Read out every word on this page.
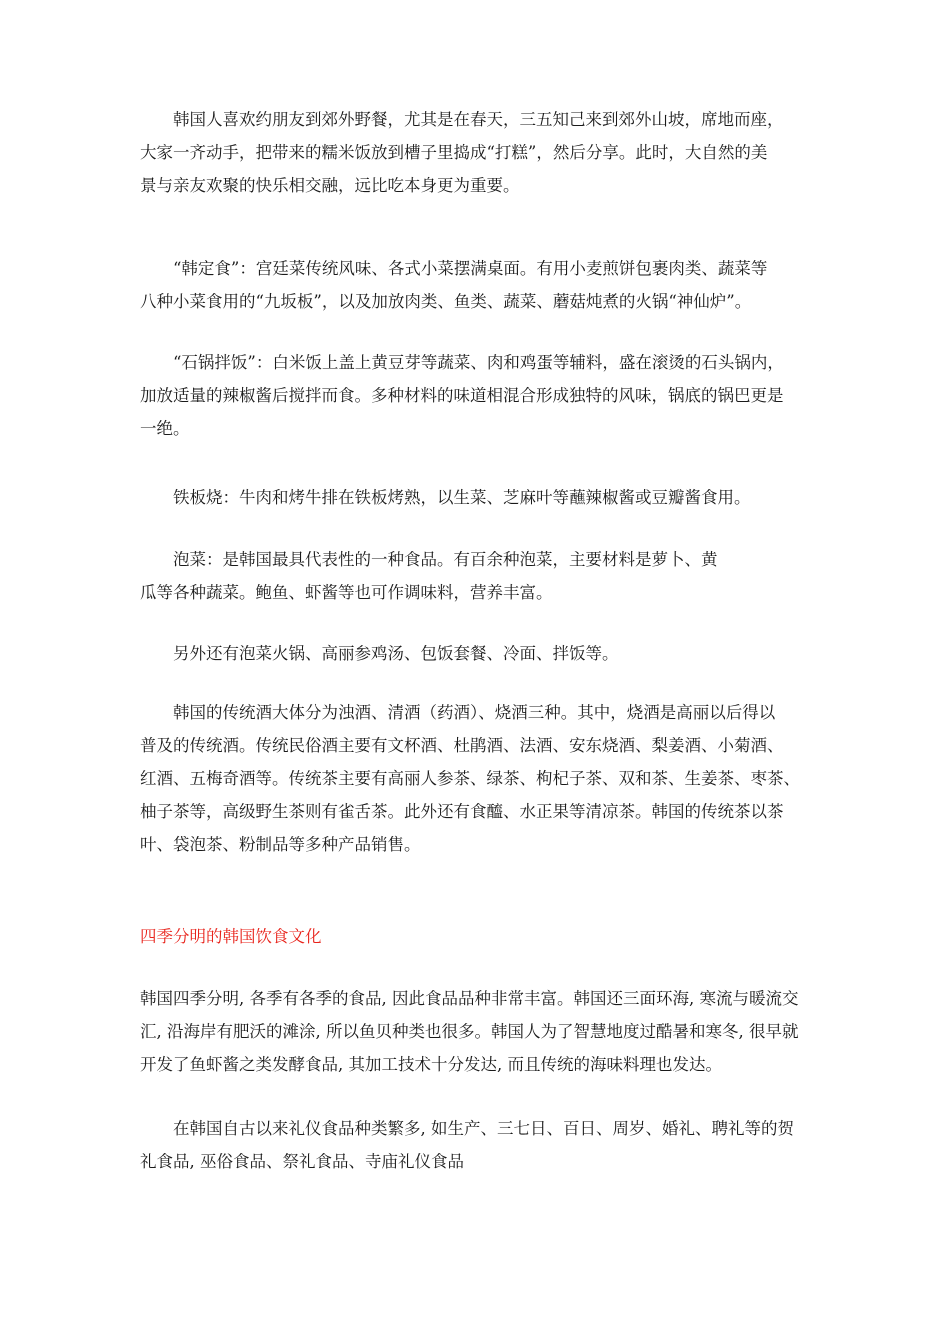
韩国人喜欢约朋友到郊外野餐，尤其是在春天，三五知己来到郊外山坡，席地而座，
大家一齐动手，把带来的糯米饭放到槽子里捣成“打糕”，然后分享。此时，大自然的美
景与亲友欢聚的快乐相交融，远比吃本身更为重要。

“韩定食”：宫廷菜传统风味、各式小菜摆满桌面。有用小麦煎饼包裹肉类、蔬菜等
八种小菜食用的“九坂板”，以及加放肉类、鱼类、蔬菜、蘑菇炖煮的火锅“神仙炉”。

“石锅拌饭”：白米饭上盖上黄豆芽等蔬菜、肉和鸡蛋等辅料，盛在滚烫的石头锅内，
加放适量的辣椒酱后搅拌而食。多种材料的味道相混合形成独特的风味，锅底的锅巴更是
一绝。

铁板烧：牛肉和烤牛排在铁板烤熟，以生菜、芝麻叶等蘸辣椒酱或豆瓣酱食用。

泡菜：是韩国最具代表性的一种食品。有百余种泡菜，主要材料是萝卜、黄
瓜等各种蔬菜。鲍鱼、虾酱等也可作调味料，营养丰富。

另外还有泡菜火锅、高丽参鸡汤、包饭套餐、冷面、拌饭等。

韩国的传统酒大体分为浊酒、清酒（药酒）、烧酒三种。其中，烧酒是高丽以后得以
普及的传统酒。传统民俗酒主要有文杯酒、杜鹃酒、法酒、安东烧酒、梨姜酒、小菊酒、
红酒、五梅奇酒等。传统茶主要有高丽人参茶、绿茶、枸杞子茶、双和茶、生姜茶、枣茶、
柚子茶等，高级野生茶则有雀舌茶。此外还有食醯、水正果等清凉茶。韩国的传统茶以茶
叶、袋泡茶、粉制品等多种产品销售。

四季分明的韩国饮食文化

韩国四季分明, 各季有各季的食品, 因此食品品种非常丰富。韩国还三面环海, 寒流与暖流交
汇, 沿海岸有肥沃的滩涂, 所以鱼贝种类也很多。韩国人为了智慧地度过酷暑和寒冬, 很早就
开发了鱼虾酱之类发酵食品, 其加工技术十分发达, 而且传统的海味料理也发达。

在韩国自古以来礼仪食品种类繁多, 如生产、三七日、百日、周岁、婚礼、聘礼等的贺
礼食品, 巫俗食品、祭礼食品、寺庙礼仪食品
